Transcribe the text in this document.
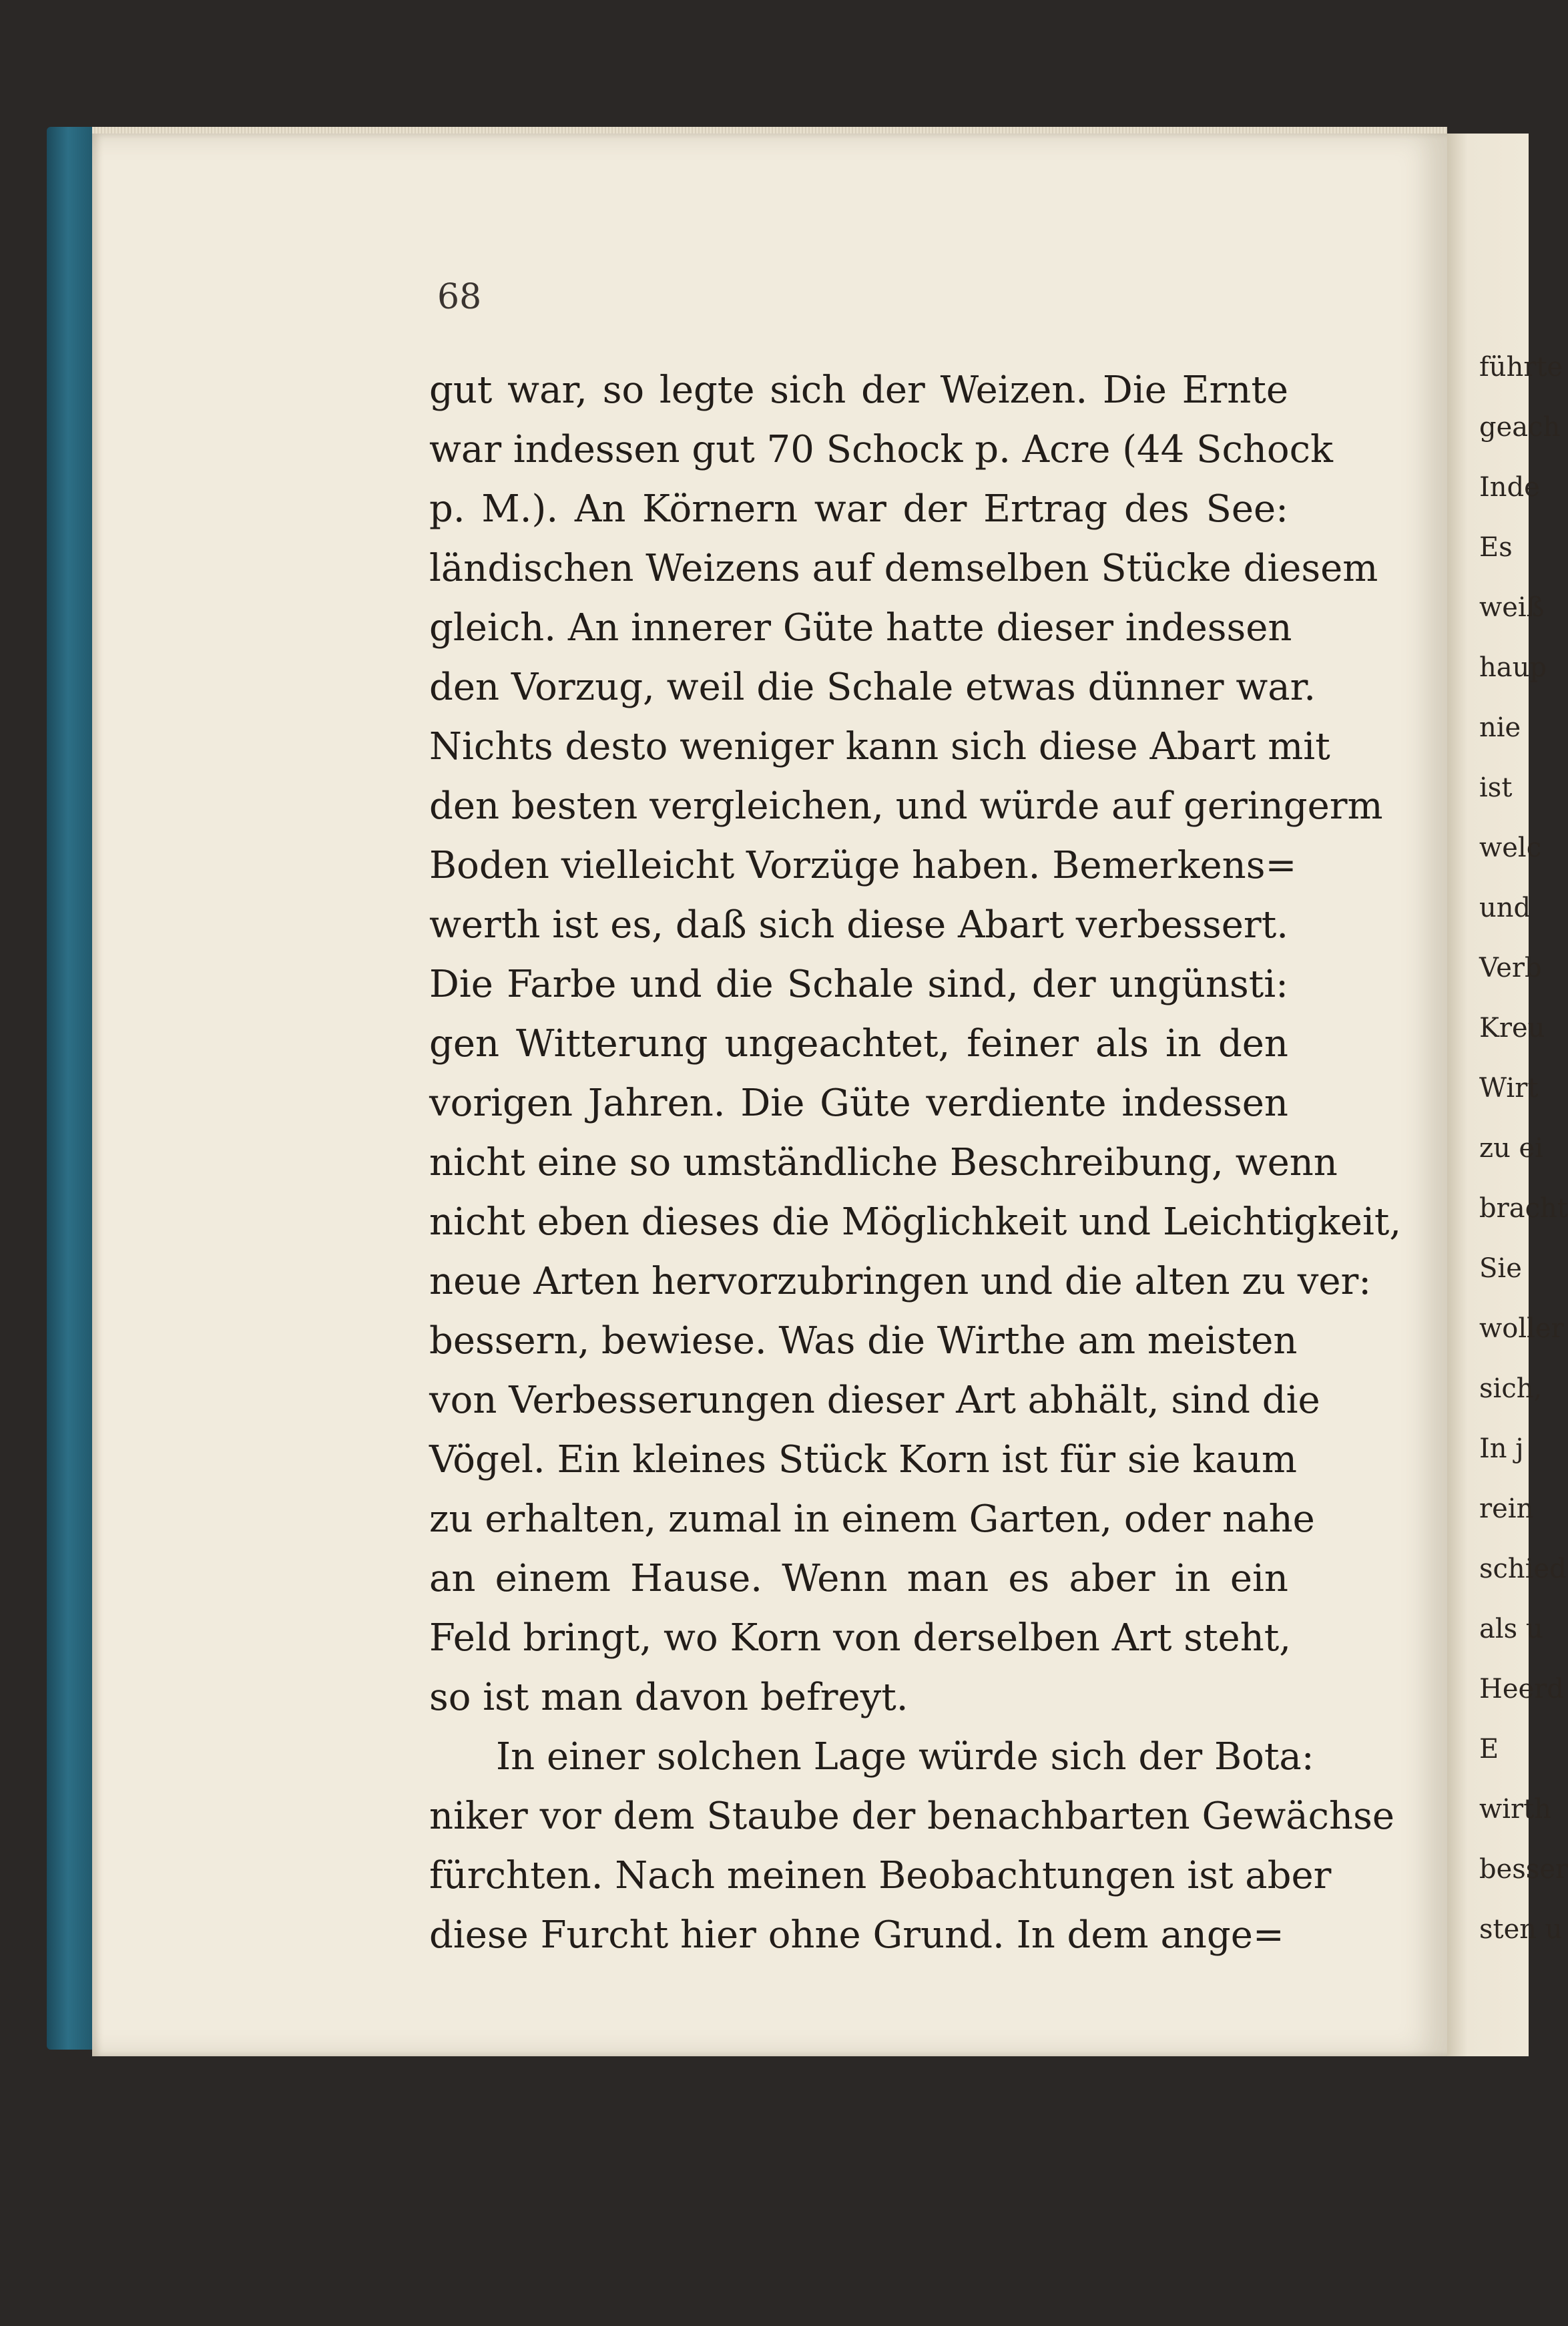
führte
geach
Inde
Es
weiß
haup
nie
ist
welc
und
Verb
Kreu
Wirt
zu ei
bracht
Sie
woller
sich,
In j
rein
schied
als u
Heerd
E
wirth
besser
sten u
68
gut war, so legte sich der Weizen. Die Ernte
war indessen gut 70 Schock p. Acre (44 Schock
p. M.). An Körnern war der Ertrag des See:
ländischen Weizens auf demselben Stücke diesem
gleich. An innerer Güte hatte dieser indessen
den Vorzug, weil die Schale etwas dünner war.
Nichts desto weniger kann sich diese Abart mit
den besten vergleichen, und würde auf geringerm
Boden vielleicht Vorzüge haben. Bemerkens=
werth ist es, daß sich diese Abart verbessert.
Die Farbe und die Schale sind, der ungünsti:
gen Witterung ungeachtet, feiner als in den
vorigen Jahren. Die Güte verdiente indessen
nicht eine so umständliche Beschreibung, wenn
nicht eben dieses die Möglichkeit und Leichtigkeit,
neue Arten hervorzubringen und die alten zu ver:
bessern, bewiese. Was die Wirthe am meisten
von Verbesserungen dieser Art abhält, sind die
Vögel. Ein kleines Stück Korn ist für sie kaum
zu erhalten, zumal in einem Garten, oder nahe
an einem Hause. Wenn man es aber in ein
Feld bringt, wo Korn von derselben Art steht,
so ist man davon befreyt.
In einer solchen Lage würde sich der Bota:
niker vor dem Staube der benachbarten Gewächse
fürchten. Nach meinen Beobachtungen ist aber
diese Furcht hier ohne Grund. In dem ange=
